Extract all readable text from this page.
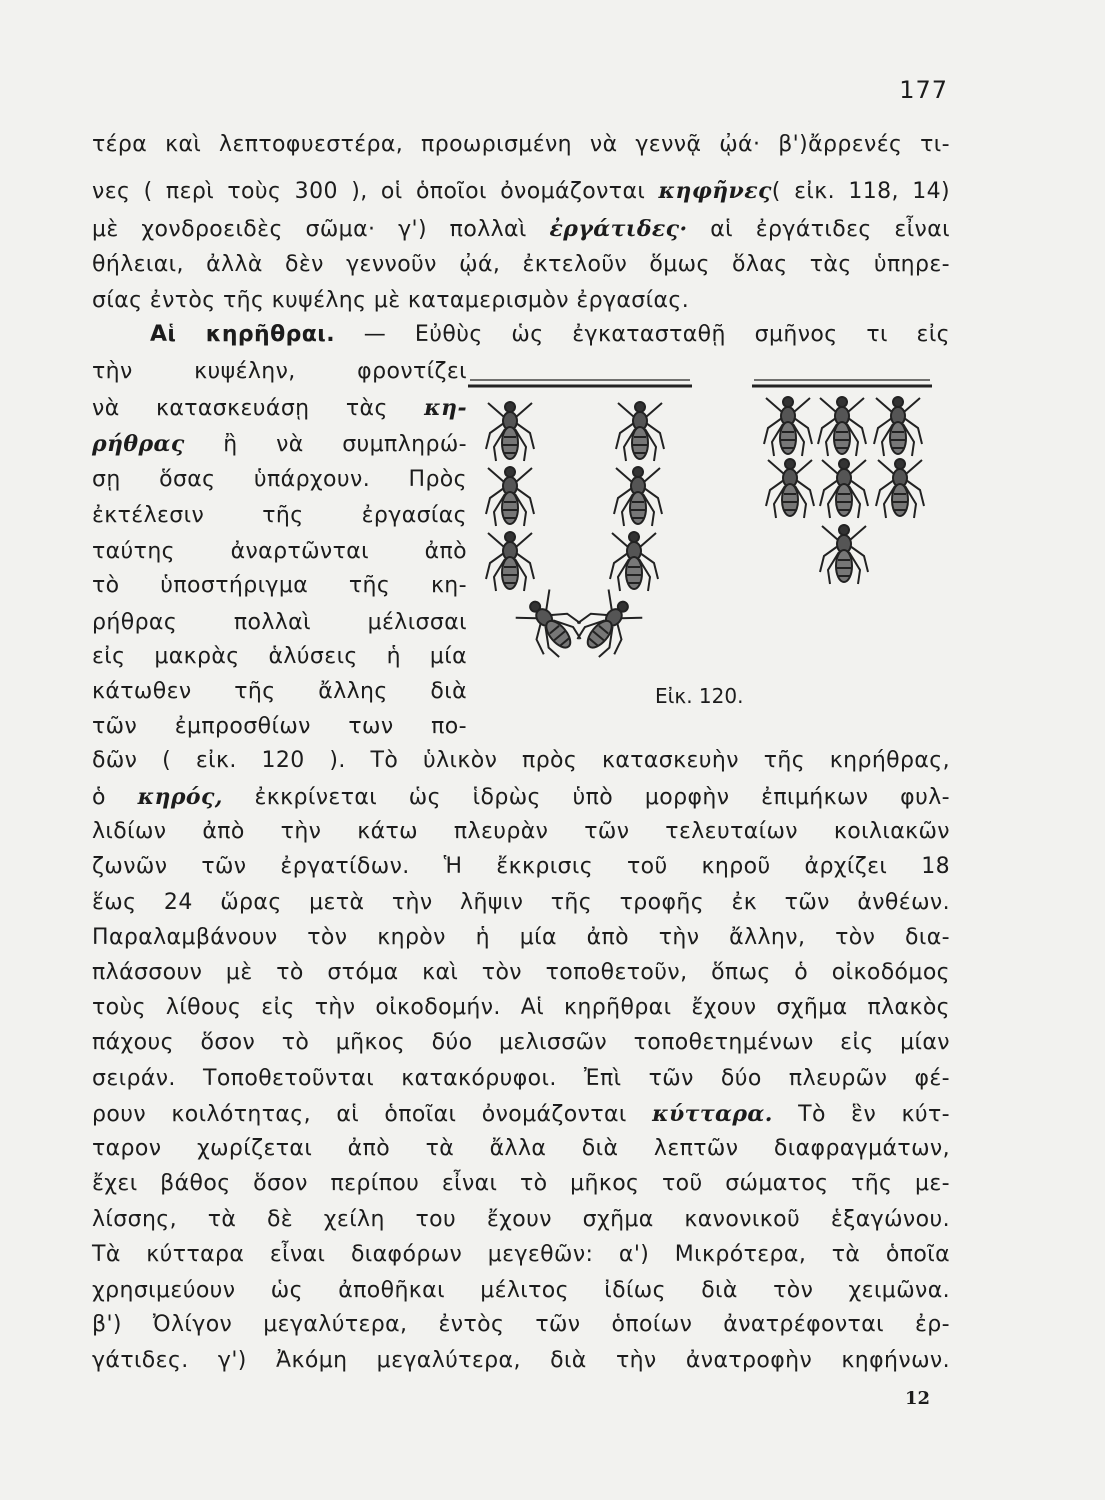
177
τέρα καὶ λεπτοφυεστέρα, προωρισμένη νὰ γεννᾷ ᾠά· β')ἄρρενές τι-
νες ( περὶ τοὺς 300 ), οἱ ὁποῖοι ὀνομάζονται κηφῆνες( εἰκ. 118, 14)
μὲ χονδροειδὲς σῶμα· γ') πολλαὶ ἐργάτιδες· αἱ ἐργάτιδες εἶναι
θήλειαι, ἀλλὰ δὲν γεννοῦν ᾠά, ἐκτελοῦν ὅμως ὅλας τὰς ὑπηρε-
σίας ἐντὸς τῆς κυψέλης μὲ καταμερισμὸν ἐργασίας.
Αἱ κηρῆθραι. — Εὐθὺς ὡς ἐγκατασταθῇ σμῆνος τι εἰς
τὴν κυψέλην, φροντίζει
νὰ κατασκευάσῃ τὰς κη-
ρήθρας ἢ νὰ συμπληρώ-
σῃ ὅσας ὑπάρχουν. Πρὸς
ἐκτέλεσιν τῆς ἐργασίας
ταύτης ἀναρτῶνται ἀπὸ
τὸ ὑποστήριγμα τῆς κη-
ρήθρας πολλαὶ μέλισσαι
εἰς μακρὰς ἁλύσεις ἡ μία
κάτωθεν τῆς ἄλλης διὰ
τῶν ἐμπροσθίων των πο-
δῶν ( εἰκ. 120 ). Τὸ ὑλικὸν πρὸς κατασκευὴν τῆς κηρήθρας,
ὁ κηρός, ἐκκρίνεται ὡς ἱδρὼς ὑπὸ μορφὴν ἐπιμήκων φυλ-
λιδίων ἀπὸ τὴν κάτω πλευρὰν τῶν τελευταίων κοιλιακῶν
ζωνῶν τῶν ἐργατίδων. Ἡ ἔκκρισις τοῦ κηροῦ ἀρχίζει 18
ἕως 24 ὥρας μετὰ τὴν λῆψιν τῆς τροφῆς ἐκ τῶν ἀνθέων.
Παραλαμβάνουν τὸν κηρὸν ἡ μία ἀπὸ τὴν ἄλλην, τὸν δια-
πλάσσουν μὲ τὸ στόμα καὶ τὸν τοποθετοῦν, ὅπως ὁ οἰκοδόμος
τοὺς λίθους εἰς τὴν οἰκοδομήν. Αἱ κηρῆθραι ἔχουν σχῆμα πλακὸς
πάχους ὅσον τὸ μῆκος δύο μελισσῶν τοποθετημένων εἰς μίαν
σειράν. Τοποθετοῦνται κατακόρυφοι. Ἐπὶ τῶν δύο πλευρῶν φέ-
ρουν κοιλότητας, αἱ ὁποῖαι ὀνομάζονται κύτταρα. Τὸ ἓν κύτ-
ταρον χωρίζεται ἀπὸ τὰ ἄλλα διὰ λεπτῶν διαφραγμάτων,
ἔχει βάθος ὅσον περίπου εἶναι τὸ μῆκος τοῦ σώματος τῆς με-
λίσσης, τὰ δὲ χείλη του ἔχουν σχῆμα κανονικοῦ ἑξαγώνου.
Τὰ κύτταρα εἶναι διαφόρων μεγεθῶν: α') Μικρότερα, τὰ ὁποῖα
χρησιμεύουν ὡς ἀποθῆκαι μέλιτος ἰδίως διὰ τὸν χειμῶνα.
β') Ὀλίγον μεγαλύτερα, ἐντὸς τῶν ὁποίων ἀνατρέφονται ἐρ-
γάτιδες. γ') Ἀκόμη μεγαλύτερα, διὰ τὴν ἀνατροφὴν κηφήνων.
Εἰκ. 120.
12
